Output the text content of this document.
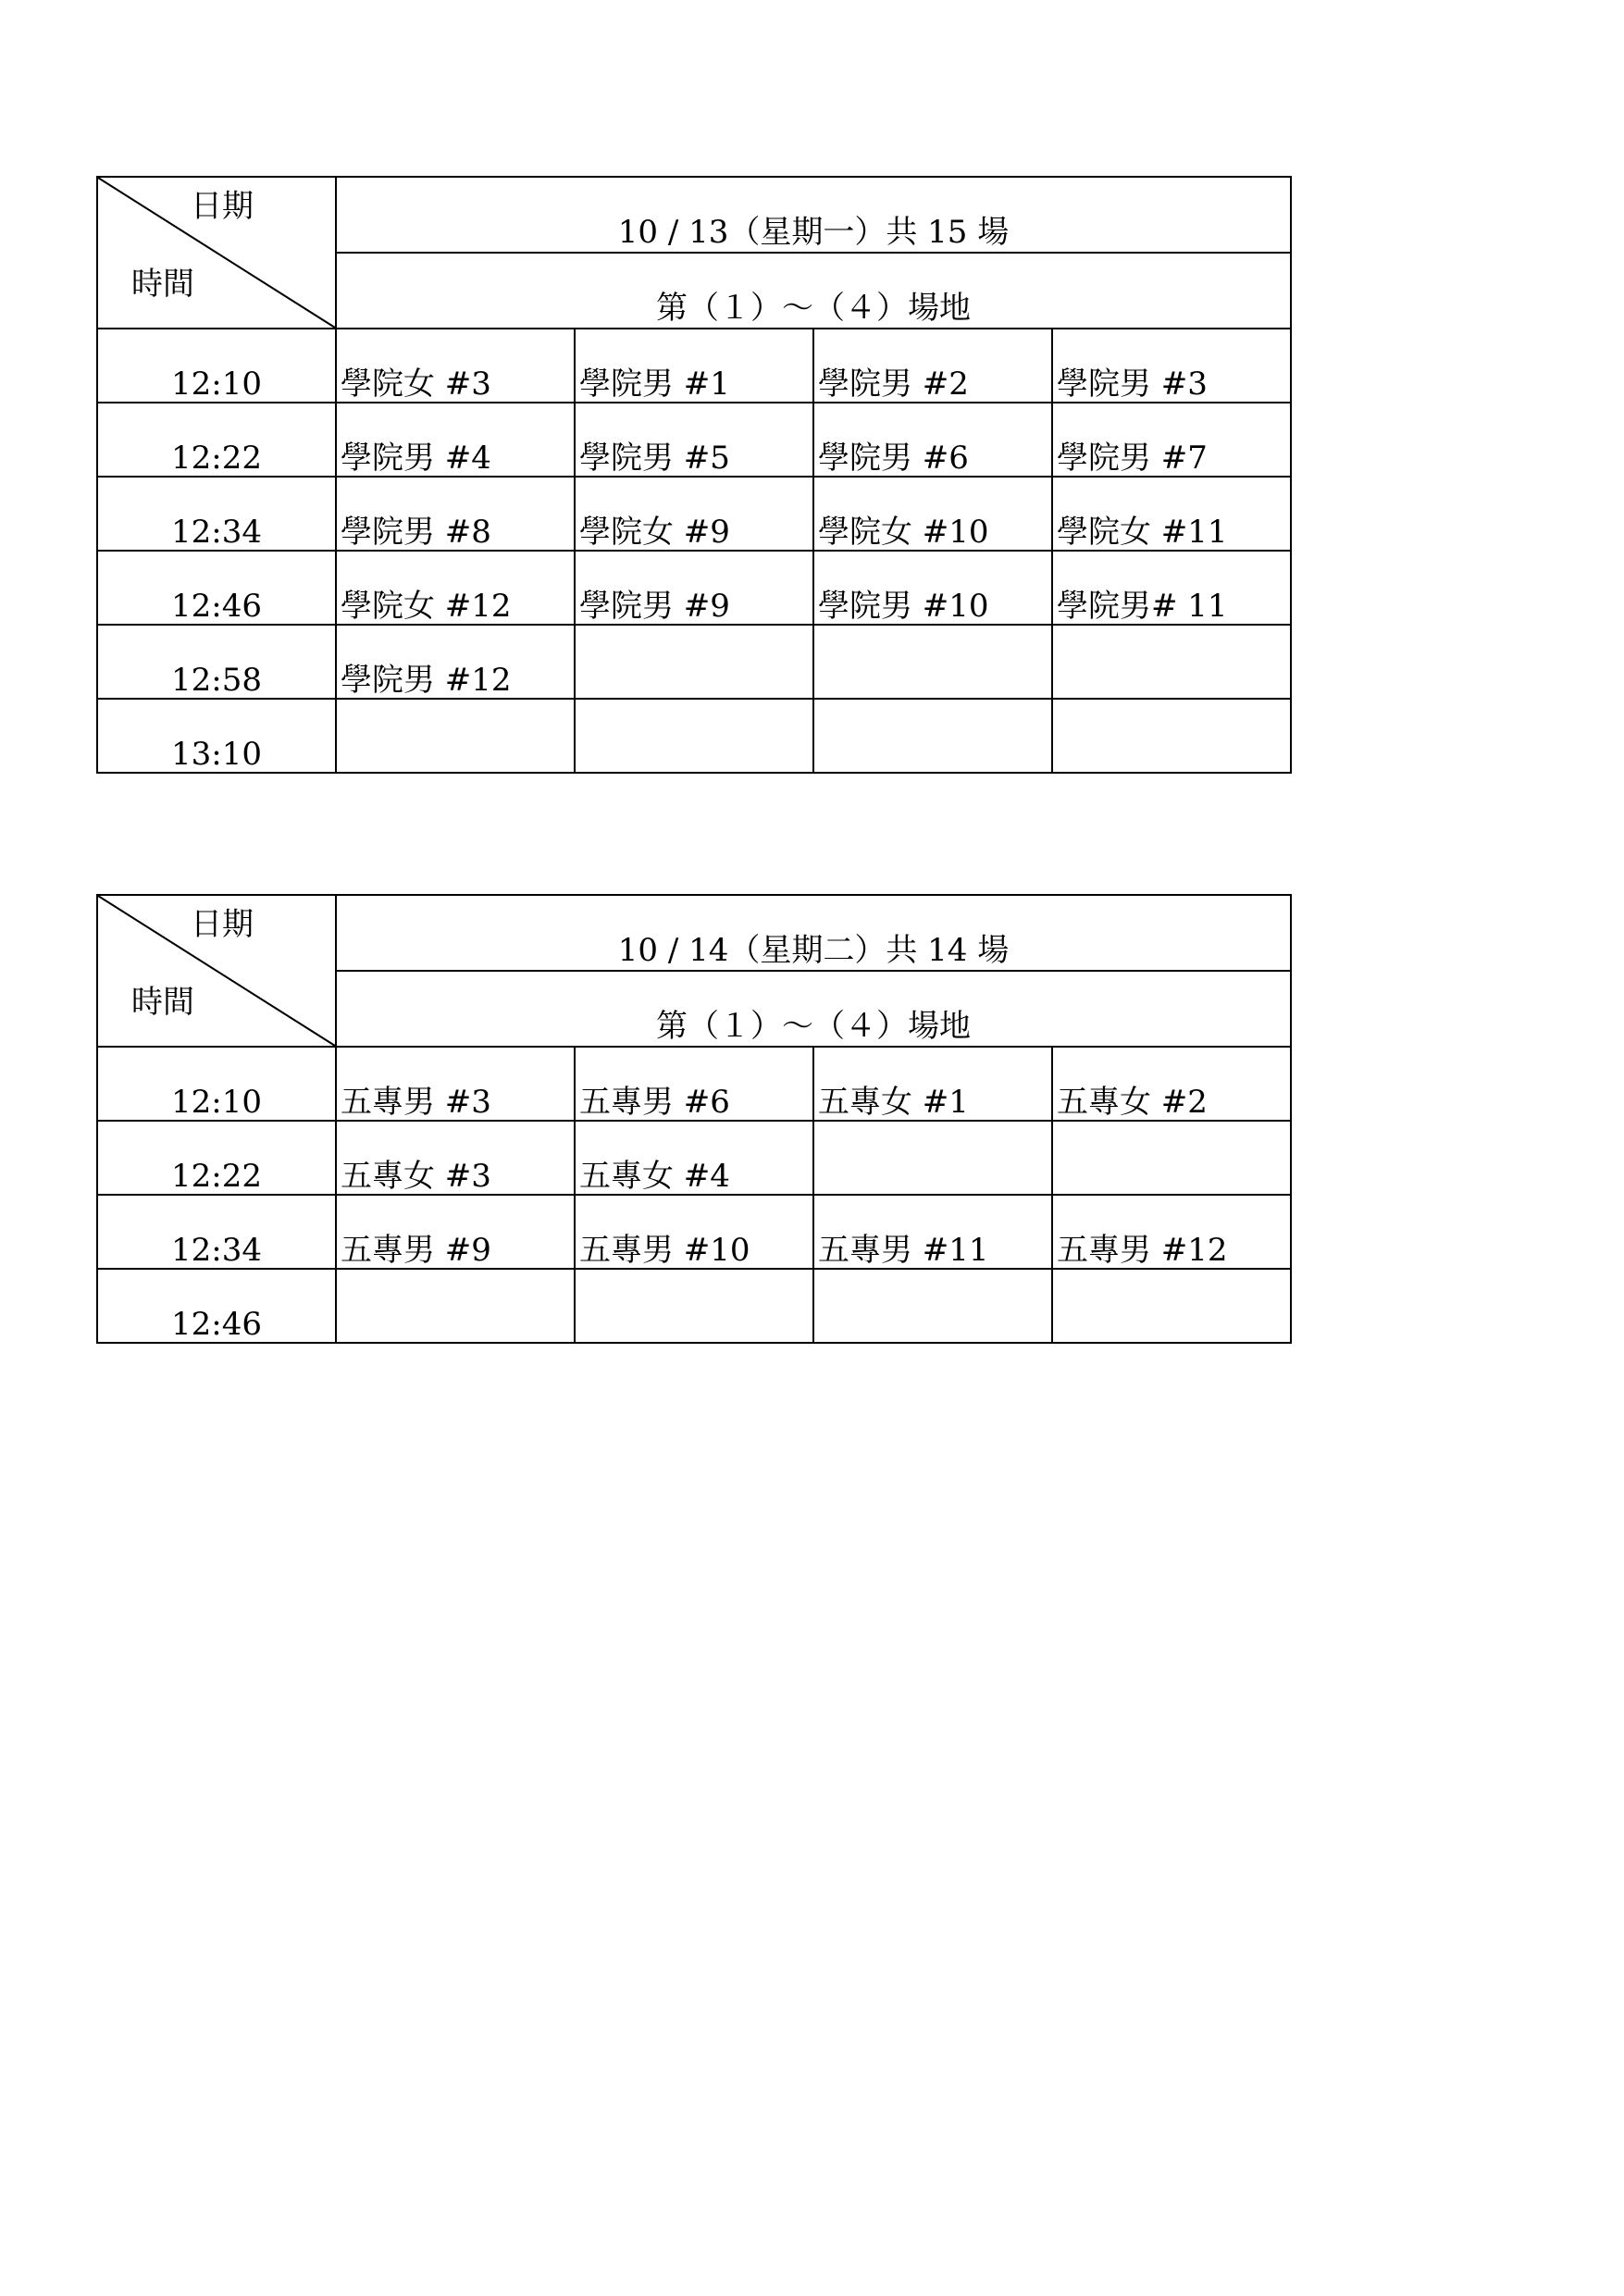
日期
時間	10 / 13（星期一）共 15 場			
	第（１）～（４）場地			
12:10	學院女 #3	學院男 #1	學院男 #2	學院男 #3
12:22	學院男 #4	學院男 #5	學院男 #6	學院男 #7
12:34	學院男 #8	學院女 #9	學院女 #10	學院女 #11
12:46	學院女 #12	學院男 #9	學院男 #10	學院男# 11
12:58	學院男 #12			
13:10				
日期
時間	10 / 14（星期二）共 14 場			
	第（１）～（４）場地			
12:10	五專男 #3	五專男 #6	五專女 #1	五專女 #2
12:22	五專女 #3	五專女 #4		
12:34	五專男 #9	五專男 #10	五專男 #11	五專男 #12
12:46				
